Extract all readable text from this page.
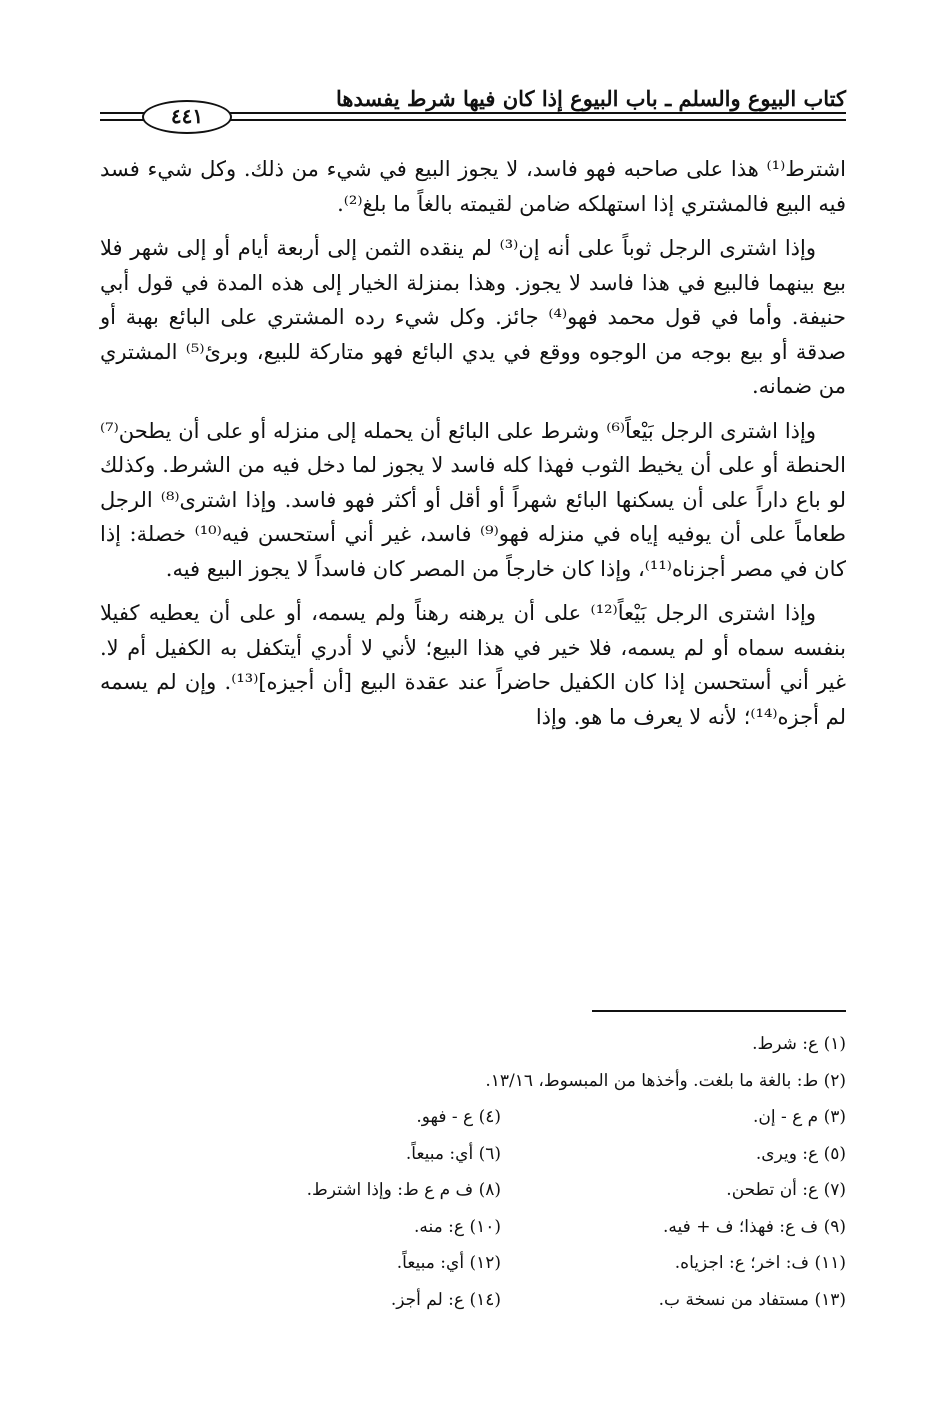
كتاب البيوع والسلم ـ باب البيوع إذا كان فيها شرط يفسدها
٤٤١

اشترط⁽¹⁾ هذا على صاحبه فهو فاسد، لا يجوز البيع في شيء من ذلك. وكل شيء فسد فيه البيع فالمشتري إذا استهلكه ضامن لقيمته بالغاً ما بلغ⁽²⁾.

وإذا اشترى الرجل ثوباً على أنه إن⁽³⁾ لم ينقده الثمن إلى أربعة أيام أو إلى شهر فلا بيع بينهما فالبيع في هذا فاسد لا يجوز. وهذا بمنزلة الخيار إلى هذه المدة في قول أبي حنيفة. وأما في قول محمد فهو⁽⁴⁾ جائز. وكل شيء رده المشتري على البائع بهبة أو صدقة أو بيع بوجه من الوجوه ووقع في يدي البائع فهو متاركة للبيع، وبرئ⁽⁵⁾ المشتري من ضمانه.

وإذا اشترى الرجل بَيْعاً⁽⁶⁾ وشرط على البائع أن يحمله إلى منزله أو على أن يطحن⁽⁷⁾ الحنطة أو على أن يخيط الثوب فهذا كله فاسد لا يجوز لما دخل فيه من الشرط. وكذلك لو باع داراً على أن يسكنها البائع شهراً أو أقل أو أكثر فهو فاسد. وإذا اشترى⁽⁸⁾ الرجل طعاماً على أن يوفيه إياه في منزله فهو⁽⁹⁾ فاسد، غير أني أستحسن فيه⁽¹⁰⁾ خصلة: إذا كان في مصر أجزناه⁽¹¹⁾، وإذا كان خارجاً من المصر كان فاسداً لا يجوز البيع فيه.

وإذا اشترى الرجل بَيْعاً⁽¹²⁾ على أن يرهنه رهناً ولم يسمه، أو على أن يعطيه كفيلا بنفسه سماه أو لم يسمه، فلا خير في هذا البيع؛ لأني لا أدري أيتكفل به الكفيل أم لا. غير أني أستحسن إذا كان الكفيل حاضراً عند عقدة البيع [أن أجيزه]⁽¹³⁾. وإن لم يسمه لم أجزه⁽¹⁴⁾؛ لأنه لا يعرف ما هو. وإذا

(١) ع: شرط.
(٢) ط: بالغة ما بلغت. وأخذها من المبسوط، ١٣/١٦.
(٣) م ع - إن.
(٤) ع - فهو.
(٥) ع: ويرى.
(٦) أي: مبيعاً.
(٧) ع: أن تطحن.
(٨) ف م ع ط: وإذا اشترط.
(٩) ف ع: فهذا؛ ف + فيه.
(١٠) ع: منه.
(١١) ف: اخر؛ ع: اجزياه.
(١٢) أي: مبيعاً.
(١٣) مستفاد من نسخة ب.
(١٤) ع: لم أجز.
